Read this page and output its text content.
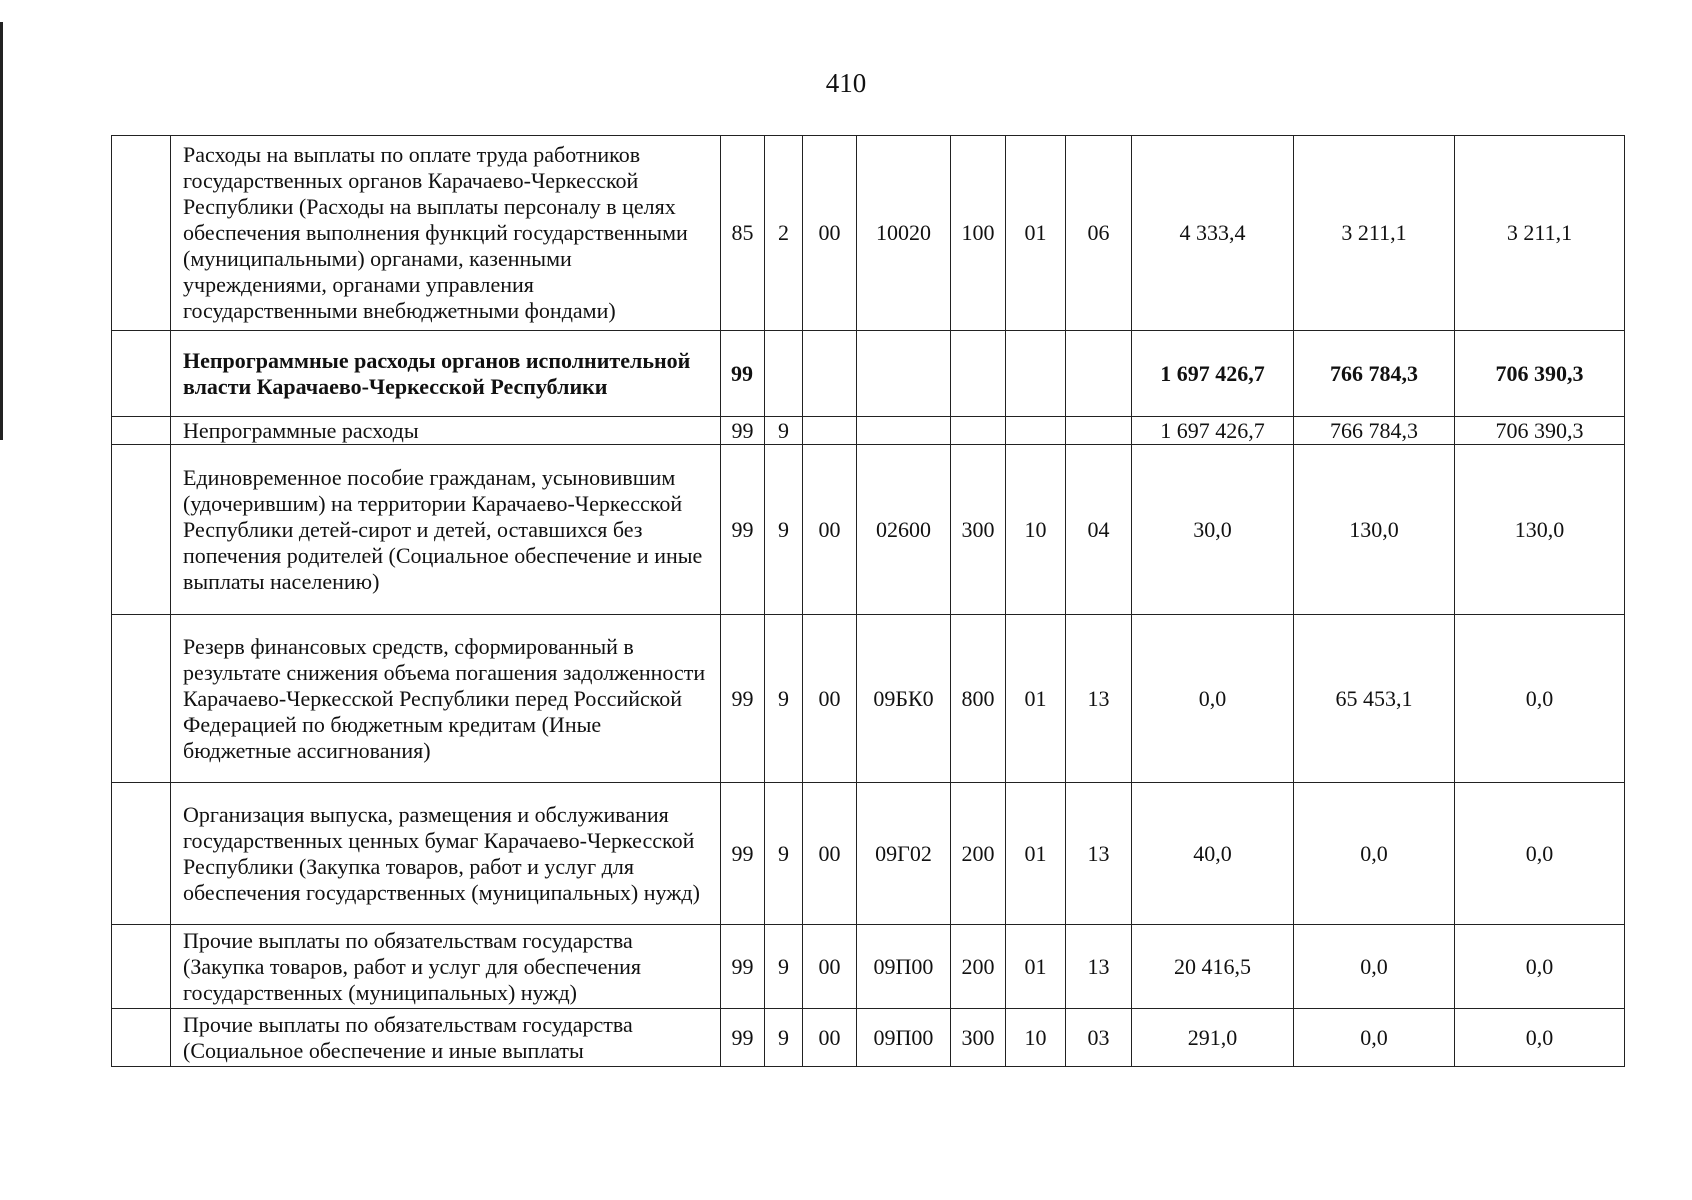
410
	Расходы на выплаты по оплате труда работников государственных органов Карачаево-Черкесской Республики (Расходы на выплаты персоналу в целях обеспечения выполнения функций государственными (муниципальными) органами, казенными учреждениями, органами управления государственными внебюджетными фондами)	85	2	00	10020	100	01	06	4 333,4	3 211,1	3 211,1
	Непрограммные расходы органов исполнительной власти Карачаево-Черкесской Республики	99							1 697 426,7	766 784,3	706 390,3
	Непрограммные расходы	99	9						1 697 426,7	766 784,3	706 390,3
	Единовременное пособие гражданам, усыновившим (удочерившим) на территории Карачаево-Черкесской Республики детей-сирот и детей, оставшихся без попечения родителей (Социальное обеспечение и иные выплаты населению)	99	9	00	02600	300	10	04	30,0	130,0	130,0
	Резерв финансовых средств, сформированный в результате снижения объема погашения задолженности Карачаево-Черкесской Республики перед Российской Федерацией по бюджетным кредитам (Иные бюджетные ассигнования)	99	9	00	09БК0	800	01	13	0,0	65 453,1	0,0
	Организация выпуска, размещения и обслуживания государственных ценных бумаг Карачаево-Черкесской Республики (Закупка товаров, работ и услуг для обеспечения государственных (муниципальных) нужд)	99	9	00	09Г02	200	01	13	40,0	0,0	0,0
	Прочие выплаты по обязательствам государства (Закупка товаров, работ и услуг для обеспечения государственных (муниципальных) нужд)	99	9	00	09П00	200	01	13	20 416,5	0,0	0,0
	Прочие выплаты по обязательствам государства (Социальное обеспечение и иные выплаты	99	9	00	09П00	300	10	03	291,0	0,0	0,0
